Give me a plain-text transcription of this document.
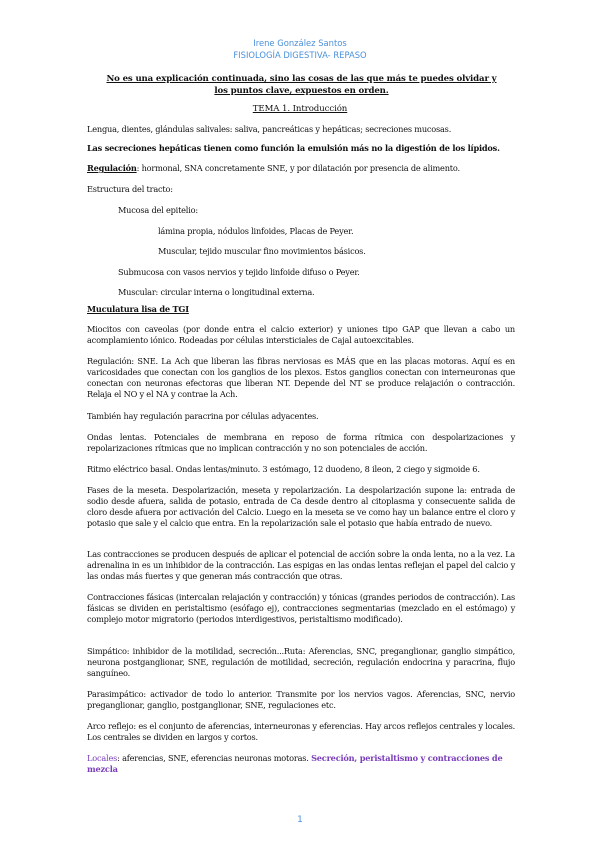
Irene González Santos
FISIOLOGÍA DIGESTIVA- REPASO
No es una explicación continuada, sino las cosas de las que más te puedes olvidar y los puntos clave, expuestos en orden.
TEMA 1. Introducción
Lengua, dientes, glándulas salivales: saliva, pancreáticas y hepáticas; secreciones mucosas.
Las secreciones hepáticas tienen como función la emulsión más no la digestión de los lípidos.
Regulación: hormonal, SNA concretamente SNE, y por dilatación por presencia de alimento.
Estructura del tracto:
Mucosa del epitelio:
lámina propia, nódulos linfoides, Placas de Peyer.
Muscular, tejido muscular fino movimientos básicos.
Submucosa con vasos nervios y tejido linfoide difuso o Peyer.
Muscular: circular interna o longitudinal externa.
Muculatura lisa de TGI
Miocitos con caveolas (por donde entra el calcio exterior) y uniones tipo GAP que llevan a cabo un acomplamiento iónico. Rodeadas por células intersticiales de Cajal autoexcitables.
Regulación: SNE. La Ach que liberan las fibras nerviosas es MÁS que en las placas motoras. Aquí es en varicosidades que conectan con los ganglios de los plexos. Estos ganglios conectan con interneuronas que conectan con neuronas efectoras que liberan NT. Depende del NT se produce relajación o contracción. Relaja el NO y el NA y contrae la Ach.
También hay regulación paracrina por células adyacentes.
Ondas lentas. Potenciales de membrana en reposo de forma rítmica con despolarizaciones y repolarizaciones rítmicas que no implican contracción y no son potenciales de acción.
Ritmo eléctrico basal. Ondas lentas/minuto. 3 estómago, 12 duodeno, 8 ileon, 2 ciego y sigmoide 6.
Fases de la meseta. Despolarización, meseta y repolarización. La despolarización supone la: entrada de sodio desde afuera, salida de potasio, entrada de Ca desde dentro al citoplasma y consecuente salida de cloro desde afuera por activación del Calcio. Luego en la meseta se ve como hay un balance entre el cloro y potasio que sale y el calcio que entra. En la repolarización sale el potasio que había entrado de nuevo.
Las contracciones se producen después de aplicar el potencial de acción sobre la onda lenta, no a la vez. La adrenalina in es un inhibidor de la contracción. Las espigas en las ondas lentas reflejan el papel del calcio y las ondas más fuertes y que generan más contracción que otras.
Contracciones fásicas (intercalan relajación y contracción) y tónicas (grandes periodos de contracción). Las fásicas se dividen en peristaltismo (esófago ej), contracciones segmentarias (mezclado en el estómago) y complejo motor migratorio (periodos interdigestivos, peristaltismo modificado).
Simpático: inhibidor de la motilidad, secreción...Ruta: Aferencias, SNC, preganglionar, ganglio simpático, neurona postganglionar, SNE, regulación de motilidad, secreción, regulación endocrina y paracrina, flujo sanguíneo.
Parasimpático: activador de todo lo anterior. Transmite por los nervios vagos. Aferencias, SNC, nervio preganglionar, ganglio, postganglionar, SNE, regulaciones etc.
Arco reflejo: es el conjunto de aferencias, interneuronas y eferencias. Hay arcos reflejos centrales y locales. Los centrales se dividen en largos y cortos.
Locales: aferencias, SNE, eferencias neuronas motoras. Secreción, peristaltismo y contracciones de mezcla
1
